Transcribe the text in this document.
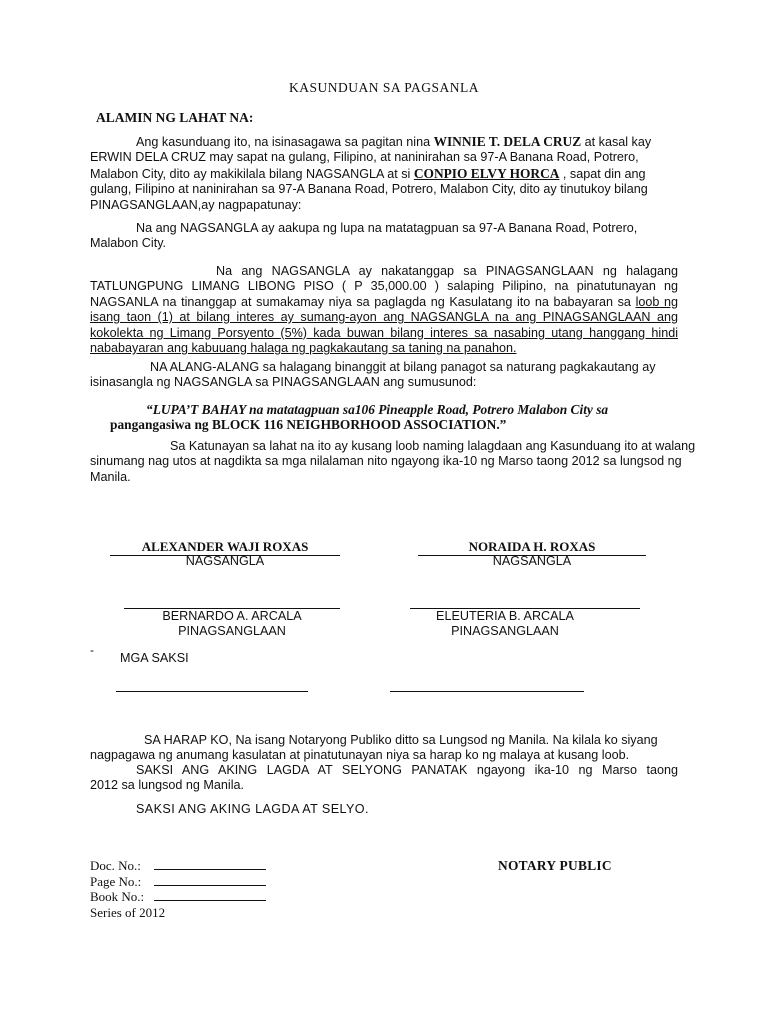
KASUNDUAN SA PAGSANLA
ALAMIN NG LAHAT NA:
Ang kasunduang ito, na isinasagawa sa pagitan nina WINNIE T. DELA CRUZ at kasal kay
ERWIN DELA CRUZ may sapat na gulang, Filipino, at naninirahan sa 97-A Banana Road, Potrero,
Malabon City, dito ay makikilala bilang NAGSANGLA at si CONPIO ELVY HORCA , sapat din ang
gulang, Filipino at naninirahan sa 97-A Banana Road, Potrero, Malabon City, dito ay tinutukoy bilang
PINAGSANGLAAN,ay nagpapatunay:
Na ang NAGSANGLA ay aakupa ng lupa na matatagpuan sa 97-A Banana Road, Potrero,
Malabon City.
Na ang NAGSANGLA ay nakatanggap sa PINAGSANGLAAN ng halagang
TATLUNGPUNG LIMANG LIBONG PISO ( P 35,000.00 ) salaping Pilipino, na pinatutunayan ng
NAGSANLA na tinanggap at sumakamay niya sa paglagda ng Kasulatang ito na babayaran sa loob ng
isang taon (1) at bilang interes ay sumang-ayon ang NAGSANGLA na ang PINAGSANGLAAN ang
kokolekta ng Limang Porsyento (5%) kada buwan bilang interes sa nasabing utang hanggang hindi
nababayaran ang kabuuang halaga ng pagkakautang sa taning na panahon.
NA ALANG-ALANG sa halagang binanggit at bilang panagot sa naturang pagkakautang ay
isinasangla ng NAGSANGLA sa PINAGSANGLAAN ang sumusunod:
“LUPA’T BAHAY na matatagpuan sa106 Pineapple Road, Potrero Malabon City sa
pangangasiwa ng BLOCK 116 NEIGHBORHOOD ASSOCIATION.”
Sa Katunayan sa lahat na ito ay kusang loob naming lalagdaan ang Kasunduang ito at walang
sinumang nag utos at nagdikta sa mga nilalaman nito ngayong ika-10 ng Marso taong 2012 sa lungsod ng
Manila.
ALEXANDER WAJI ROXAS
NAGSANGLA
NORAIDA H. ROXAS
NAGSANGLA
BERNARDO A. ARCALA
PINAGSANGLAAN
ELEUTERIA B. ARCALA
PINAGSANGLAAN
-
MGA SAKSI
SA HARAP KO, Na isang Notaryong Publiko ditto sa Lungsod ng Manila. Na kilala ko siyang
nagpagawa ng anumang kasulatan at pinatutunayan niya sa harap ko ng malaya at kusang loob.
SAKSI ANG AKING LAGDA AT SELYONG PANATAK ngayong ika-10 ng Marso taong
2012 sa lungsod ng Manila.
SAKSI ANG AKING LAGDA AT SELYO.
Doc. No.:
Page No.:
Book No.:
Series of 2012
NOTARY PUBLIC
